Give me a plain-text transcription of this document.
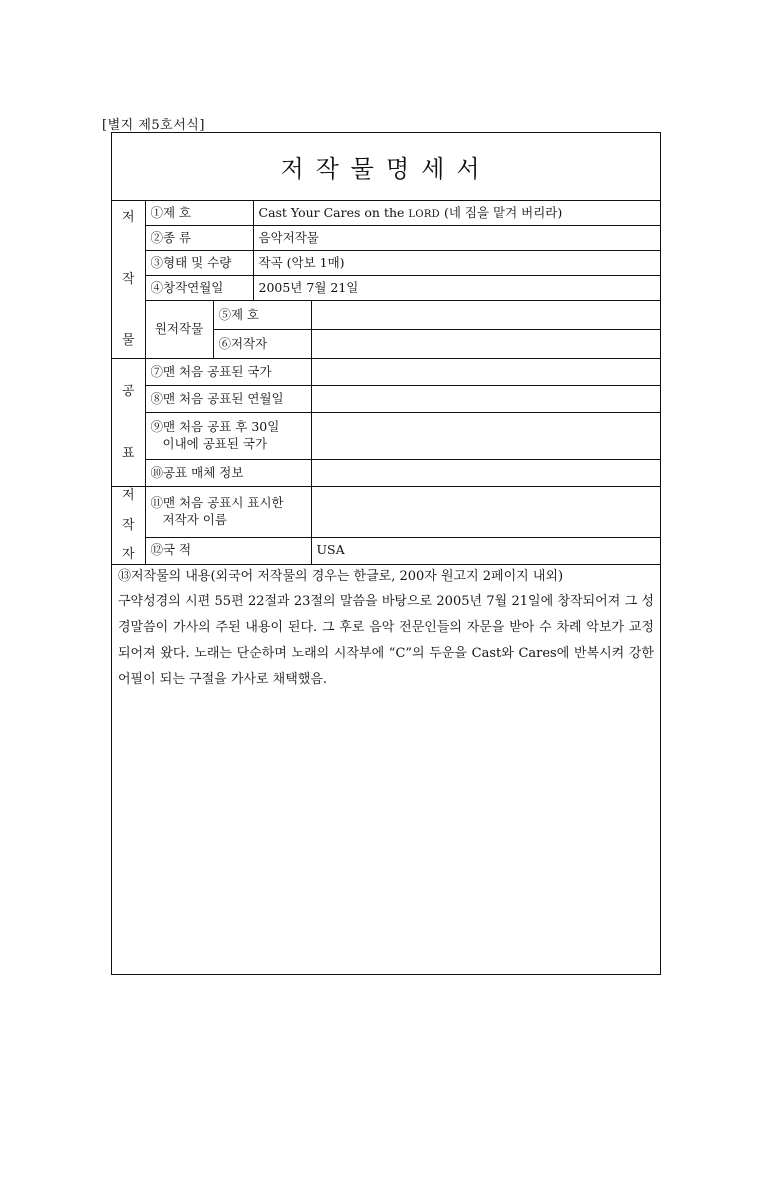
[별지 제5호서식]
저작물명세서
저
작
물	①제 호		Cast Your Cares on the LORD (네 짐을 맡겨 버리라)	
	②종 류		음악저작물	
	③형태 및 수량		작곡 (악보 1매)	
	④창작연월일		2005년 7월 21일	
	원저작물	⑤제 호		
		⑥저작자		

공
표	⑦맨 처음 공표된 국가			
	⑧맨 처음 공표된 연월일			

	⑨맨 처음 공표 후 30일
이내에 공표된 국가			

	⑩공표 매체 정보			

저
작
자	⑪맨 처음 공표시 표시한
저작자 이름			

	⑫국 적			USA
⑬저작물의 내용(외국어 저작물의 경우는 한글로, 200자 원고지 2페이지 내외)

구약성경의 시편 55편 22절과 23절의 말씀을 바탕으로 2005년 7월 21일에 창작되어져 그 성경말씀이 가사의 주된 내용이 된다. 그 후로 음악 전문인들의 자문을 받아 수 차례 악보가 교정되어져 왔다. 노래는 단순하며 노래의 시작부에 “C”의 두운을 Cast와 Cares에 반복시켜 강한 어필이 되는 구절을 가사로 채택했음.
